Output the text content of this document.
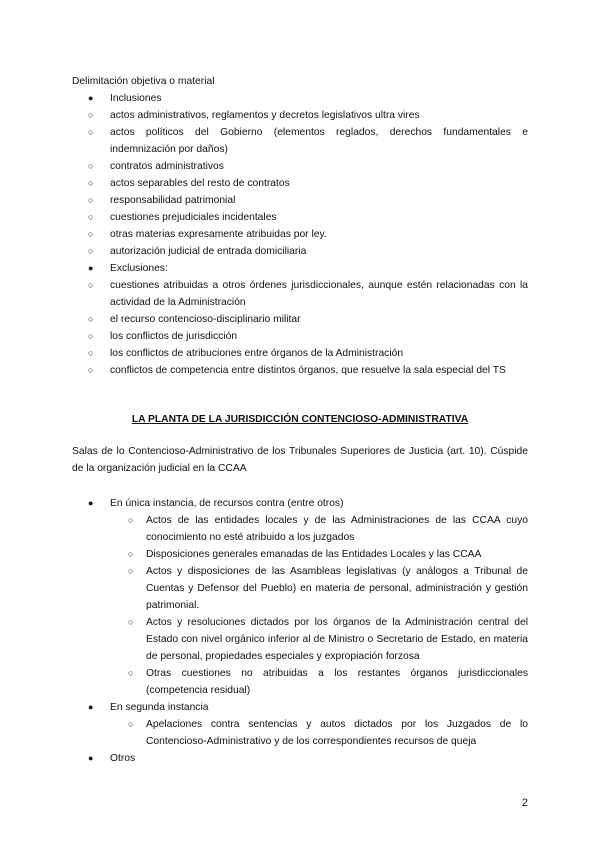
Delimitación objetiva o material
● Inclusiones
○ actos administrativos, reglamentos y decretos legislativos ultra vires
○ actos políticos del Gobierno (elementos reglados, derechos fundamentales e indemnización por daños)
○ contratos administrativos
○ actos separables del resto de contratos
○ responsabilidad patrimonial
○ cuestiones prejudiciales incidentales
○ otras materias expresamente atribuidas por ley.
○ autorización judicial de entrada domiciliaria
● Exclusiones:
○ cuestiones atribuidas a otros órdenes jurisdiccionales, aunque estén relacionadas con la actividad de la Administración
○ el recurso contencioso-disciplinario militar
○ los conflictos de jurisdicción
○ los conflictos de atribuciones entre órganos de la Administración
○ conflictos de competencia entre distintos órganos, que resuelve la sala especial del TS
LA PLANTA DE LA JURISDICCIÓN CONTENCIOSO-ADMINISTRATIVA
Salas de lo Contencioso-Administrativo de los Tribunales Superiores de Justicia (art. 10). Cúspide de la organización judicial en la CCAA
● En única instancia, de recursos contra (entre otros)
○ Actos de las entidades locales y de las Administraciones de las CCAA cuyo conocimiento no esté atribuido a los juzgados
○ Disposiciones generales emanadas de las Entidades Locales y las CCAA
○ Actos y disposiciones de las Asambleas legislativas (y análogos a Tribunal de Cuentas y Defensor del Pueblo) en materia de personal, administración y gestión patrimonial.
○ Actos y resoluciones dictados por los órganos de la Administración central del Estado con nivel orgánico inferior al de Ministro o Secretario de Estado, en materia de personal, propiedades especiales y expropiación forzosa
○ Otras cuestiones no atribuidas a los restantes órganos jurisdiccionales (competencia residual)
● En segunda instancia
○ Apelaciones contra sentencias y autos dictados por los Juzgados de lo Contencioso-Administrativo y de los correspondientes recursos de queja
● Otros
2
